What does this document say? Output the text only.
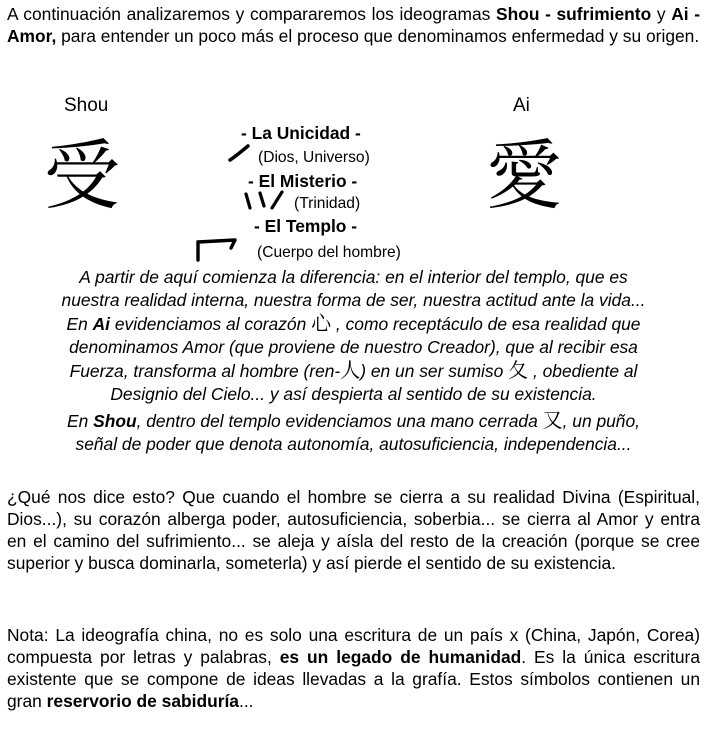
A continuación analizaremos y compararemos los ideogramas Shou - sufrimiento y Ai - Amor, para entender un poco más el proceso que denominamos enfermedad y su origen.

Shou	Ai
受	愛
- La Unicidad -
(Dios, Universo)
- El Misterio -
(Trinidad)
- El Templo -
(Cuerpo del hombre)
A partir de aquí comienza la diferencia: en el interior del templo, que es
nuestra realidad interna, nuestra forma de ser, nuestra actitud ante la vida...
En Ai evidenciamos al corazón 心 , como receptáculo de esa realidad que
denominamos Amor (que proviene de nuestro Creador), que al recibir esa
Fuerza, transforma al hombre (ren-人) en un ser sumiso 夂 , obediente al
Designio del Cielo... y así despierta al sentido de su existencia.
En Shou, dentro del templo evidenciamos una mano cerrada 又, un puño,
señal de poder que denota autonomía, autosuficiencia, independencia...

¿Qué nos dice esto? Que cuando el hombre se cierra a su realidad Divina (Espiritual, Dios...), su corazón alberga poder, autosuficiencia, soberbia... se cierra al Amor y entra en el camino del sufrimiento... se aleja y aísla del resto de la creación (porque se cree superior y busca dominarla, someterla) y así pierde el sentido de su existencia.

Nota: La ideografía china, no es solo una escritura de un país x (China, Japón, Corea) compuesta por letras y palabras, es un legado de humanidad. Es la única escritura existente que se compone de ideas llevadas a la grafía. Estos símbolos contienen un gran reservorio de sabiduría...
